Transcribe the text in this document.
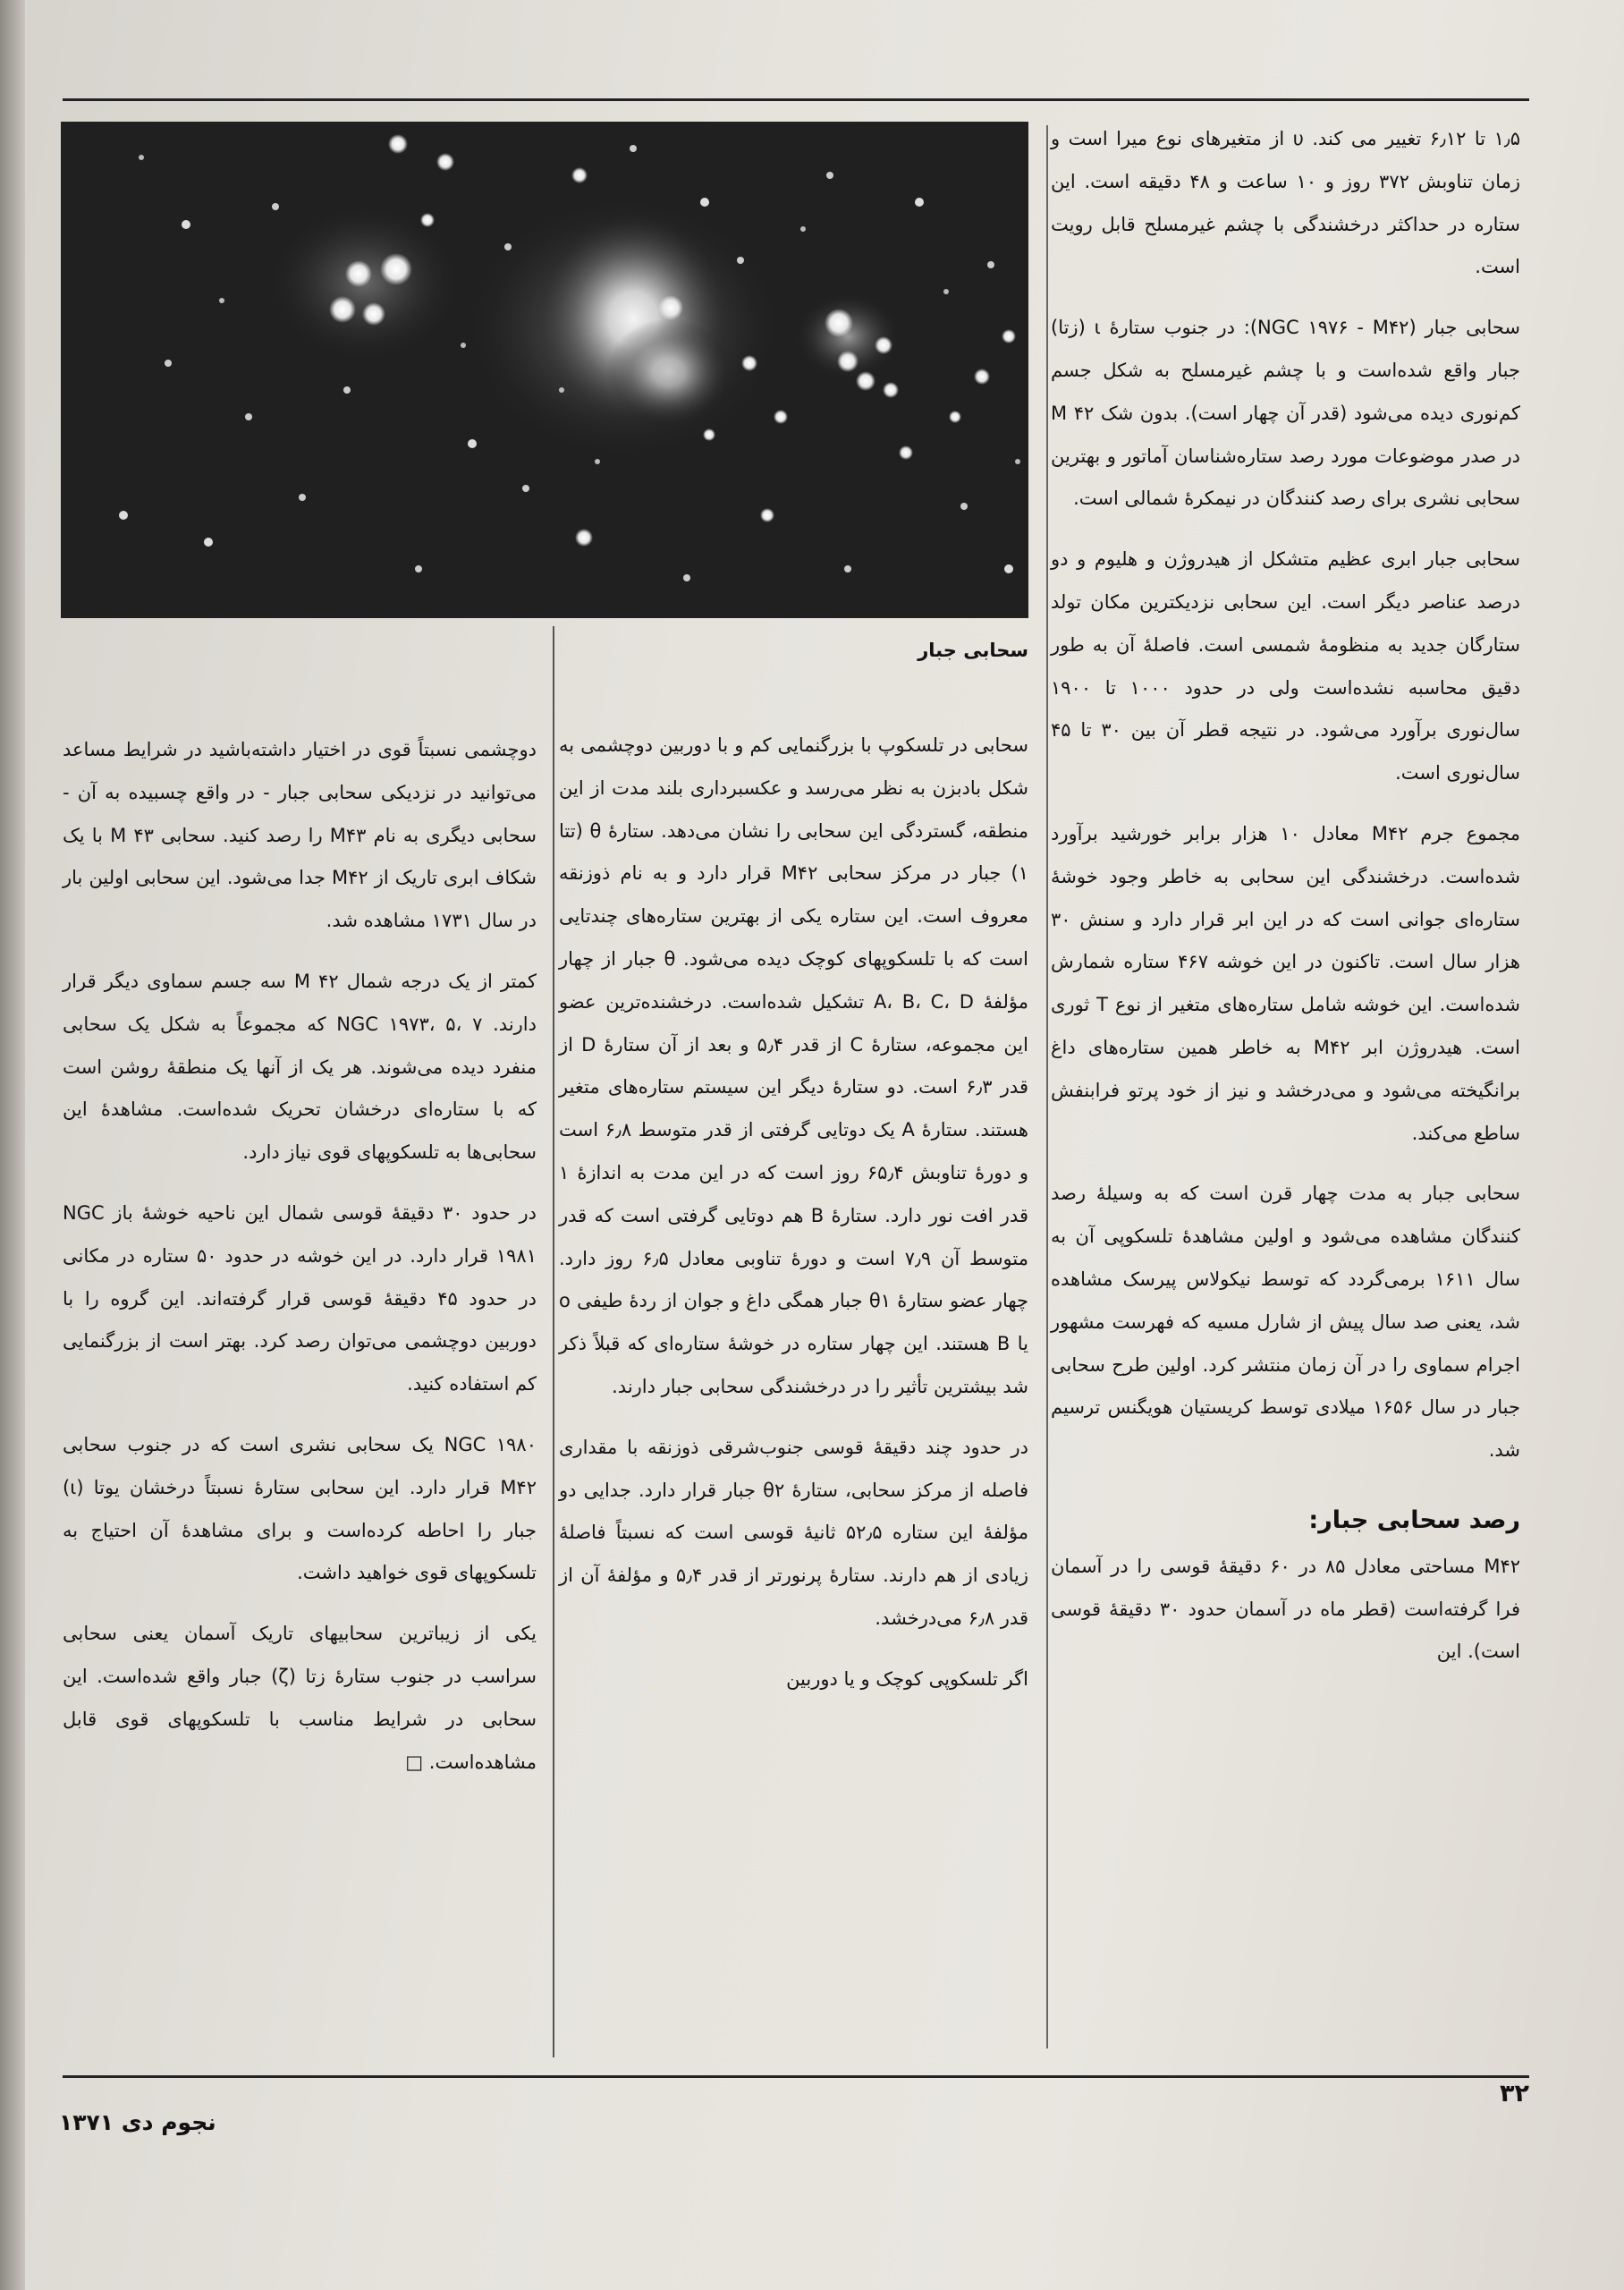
سحابی جبار

۱٫۵ تا ۶٫۱۲ تغییر می کند. υ از متغیرهای نوع میرا است و زمان تناوبش ۳۷۲ روز و ۱۰ ساعت و ۴۸ دقیقه است. این ستاره در حداکثر درخشندگی با چشم غیرمسلح قابل رویت است.

سحابی جبار (NGC ۱۹۷۶ - M۴۲): در جنوب ستارهٔ ι (زتا) جبار واقع شده‌است و با چشم غیرمسلح به شکل جسم کم‌نوری دیده می‌شود (قدر آن چهار است). بدون شک M ۴۲ در صدر موضوعات مورد رصد ستاره‌شناسان آماتور و بهترین سحابی نشری برای رصد کنندگان در نیمکرهٔ شمالی است.

سحابی جبار ابری عظیم متشکل از هیدروژن و هلیوم و دو درصد عناصر دیگر است. این سحابی نزدیکترین مکان تولد ستارگان جدید به منظومهٔ شمسی است. فاصلهٔ آن به طور دقیق محاسبه نشده‌است ولی در حدود ۱۰۰۰ تا ۱۹۰۰ سال‌نوری برآورد می‌شود. در نتیجه قطر آن بین ۳۰ تا ۴۵ سال‌نوری است.

مجموع جرم M۴۲ معادل ۱۰ هزار برابر خورشید برآورد شده‌است. درخشندگی این سحابی به خاطر وجود خوشهٔ ستاره‌ای جوانی است که در این ابر قرار دارد و سنش ۳۰ هزار سال است. تاکنون در این خوشه ۴۶۷ ستاره شمارش شده‌است. این خوشه شامل ستاره‌های متغیر از نوع T ثوری است. هیدروژن ابر M۴۲ به خاطر همین ستاره‌های داغ برانگیخته می‌شود و می‌درخشد و نیز از خود پرتو فرابنفش ساطع می‌کند.

سحابی جبار به مدت چهار قرن است که به وسیلهٔ رصد کنندگان مشاهده می‌شود و اولین مشاهدهٔ تلسکوپی آن به سال ۱۶۱۱ برمی‌گردد که توسط نیکولاس پیرسک مشاهده شد، یعنی صد سال پیش از شارل مسیه که فهرست مشهور اجرام سماوی را در آن زمان منتشر کرد. اولین طرح سحابی جبار در سال ۱۶۵۶ میلادی توسط کریستیان هویگنس ترسیم شد.

رصد سحابی جبار:

M۴۲ مساحتی معادل ۸۵ در ۶۰ دقیقهٔ قوسی را در آسمان فرا گرفته‌است (قطر ماه در آسمان حدود ۳۰ دقیقهٔ قوسی است). این

سحابی در تلسکوپ با بزرگنمایی کم و با دوربین دوچشمی به شکل بادبزن به نظر می‌رسد و عکسبرداری بلند مدت از این منطقه، گستردگی این سحابی را نشان می‌دهد. ستارهٔ θ (تتا ۱) جبار در مرکز سحابی M۴۲ قرار دارد و به نام ذوزنقه معروف است. این ستاره یکی از بهترین ستاره‌های چندتایی است که با تلسکوپهای کوچک دیده می‌شود. θ جبار از چهار مؤلفهٔ A، B، C، D تشکیل شده‌است. درخشنده‌ترین عضو این مجموعه، ستارهٔ C از قدر ۵٫۴ و بعد از آن ستارهٔ D از قدر ۶٫۳ است. دو ستارهٔ دیگر این سیستم ستاره‌های متغیر هستند. ستارهٔ A یک دوتایی گرفتی از قدر متوسط ۶٫۸ است و دورهٔ تناوبش ۶۵٫۴ روز است که در این مدت به اندازهٔ ۱ قدر افت نور دارد. ستارهٔ B هم دوتایی گرفتی است که قدر متوسط آن ۷٫۹ است و دورهٔ تناوبی معادل ۶٫۵ روز دارد. چهار عضو ستارهٔ θ۱ جبار همگی داغ و جوان از ردهٔ طیفی o یا B هستند. این چهار ستاره در خوشهٔ ستاره‌ای که قبلاً ذکر شد بیشترین تأثیر را در درخشندگی سحابی جبار دارند.

در حدود چند دقیقهٔ قوسی جنوب‌شرقی ذوزنقه با مقداری فاصله از مرکز سحابی، ستارهٔ θ۲ جبار قرار دارد. جدایی دو مؤلفهٔ این ستاره ۵۲٫۵ ثانیهٔ قوسی است که نسبتاً فاصلهٔ زیادی از هم دارند. ستارهٔ پرنورتر از قدر ۵٫۴ و مؤلفهٔ آن از قدر ۶٫۸ می‌درخشد.

اگر تلسکوپی کوچک و یا دوربین

دوچشمی نسبتاً قوی در اختیار داشته‌باشید در شرایط مساعد می‌توانید در نزدیکی سحابی جبار - در واقع چسبیده به آن - سحابی دیگری به نام M۴۳ را رصد کنید. سحابی M ۴۳ با یک شکاف ابری تاریک از M۴۲ جدا می‌شود. این سحابی اولین بار در سال ۱۷۳۱ مشاهده شد.

کمتر از یک درجه شمال M ۴۲ سه جسم سماوی دیگر قرار دارند. NGC ۱۹۷۳، ۵، ۷ که مجموعاً به شکل یک سحابی منفرد دیده می‌شوند. هر یک از آنها یک منطقهٔ روشن است که با ستاره‌ای درخشان تحریک شده‌است. مشاهدهٔ این سحابی‌ها به تلسکوپهای قوی نیاز دارد.

در حدود ۳۰ دقیقهٔ قوسی شمال این ناحیه خوشهٔ باز NGC ۱۹۸۱ قرار دارد. در این خوشه در حدود ۵۰ ستاره در مکانی در حدود ۴۵ دقیقهٔ قوسی قرار گرفته‌اند. این گروه را با دوربین دوچشمی می‌توان رصد کرد. بهتر است از بزرگنمایی کم استفاده کنید.

NGC ۱۹۸۰ یک سحابی نشری است که در جنوب سحابی M۴۲ قرار دارد. این سحابی ستارهٔ نسبتاً درخشان یوتا (ι) جبار را احاطه کرده‌است و برای مشاهدهٔ آن احتیاج به تلسکوپهای قوی خواهید داشت.

یکی از زیباترین سحابیهای تاریک آسمان یعنی سحابی سراسب در جنوب ستارهٔ زتا (ζ) جبار واقع شده‌است. این سحابی در شرایط مناسب با تلسکوپهای قوی قابل مشاهده‌است. □

۳۲
نجوم دی ۱۳۷۱
